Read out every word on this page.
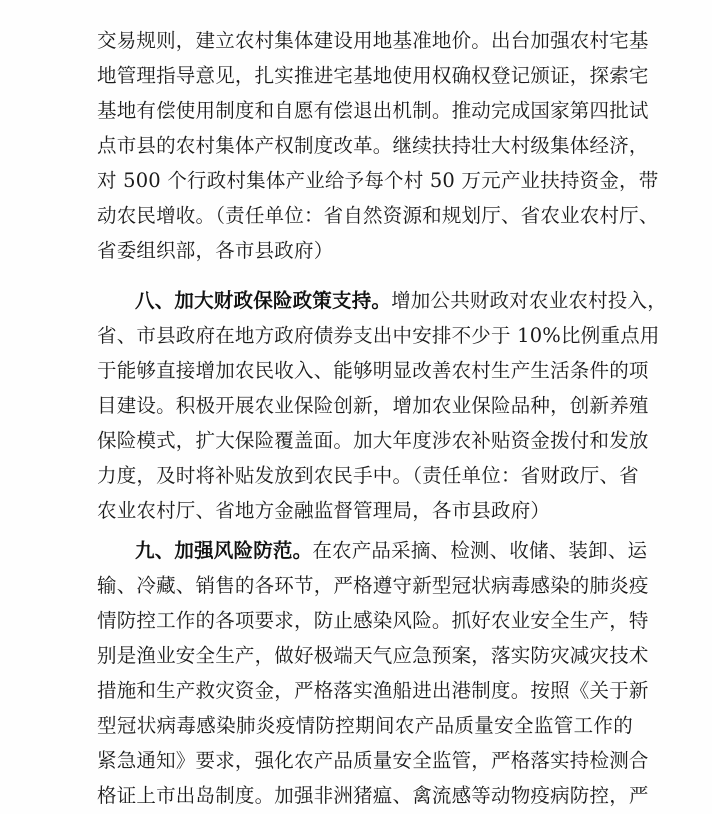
交易规则，建立农村集体建设用地基准地价。出台加强农村宅基
地管理指导意见，扎实推进宅基地使用权确权登记颁证，探索宅
基地有偿使用制度和自愿有偿退出机制。推动完成国家第四批试
点市县的农村集体产权制度改革。继续扶持壮大村级集体经济，
对 500 个行政村集体产业给予每个村 50 万元产业扶持资金，带
动农民增收。（责任单位：省自然资源和规划厅、省农业农村厅、
省委组织部，各市县政府）
八、加大财政保险政策支持。增加公共财政对农业农村投入，
省、市县政府在地方政府债券支出中安排不少于 10%比例重点用
于能够直接增加农民收入、能够明显改善农村生产生活条件的项
目建设。积极开展农业保险创新，增加农业保险品种，创新养殖
保险模式，扩大保险覆盖面。加大年度涉农补贴资金拨付和发放
力度，及时将补贴发放到农民手中。（责任单位：省财政厅、省
农业农村厅、省地方金融监督管理局，各市县政府）
九、加强风险防范。在农产品采摘、检测、收储、装卸、运
输、冷藏、销售的各环节，严格遵守新型冠状病毒感染的肺炎疫
情防控工作的各项要求，防止感染风险。抓好农业安全生产，特
别是渔业安全生产，做好极端天气应急预案，落实防灾减灾技术
措施和生产救灾资金，严格落实渔船进出港制度。按照《关于新
型冠状病毒感染肺炎疫情防控期间农产品质量安全监管工作的
紧急通知》要求，强化农产品质量安全监管，严格落实持检测合
格证上市出岛制度。加强非洲猪瘟、禽流感等动物疫病防控，严
